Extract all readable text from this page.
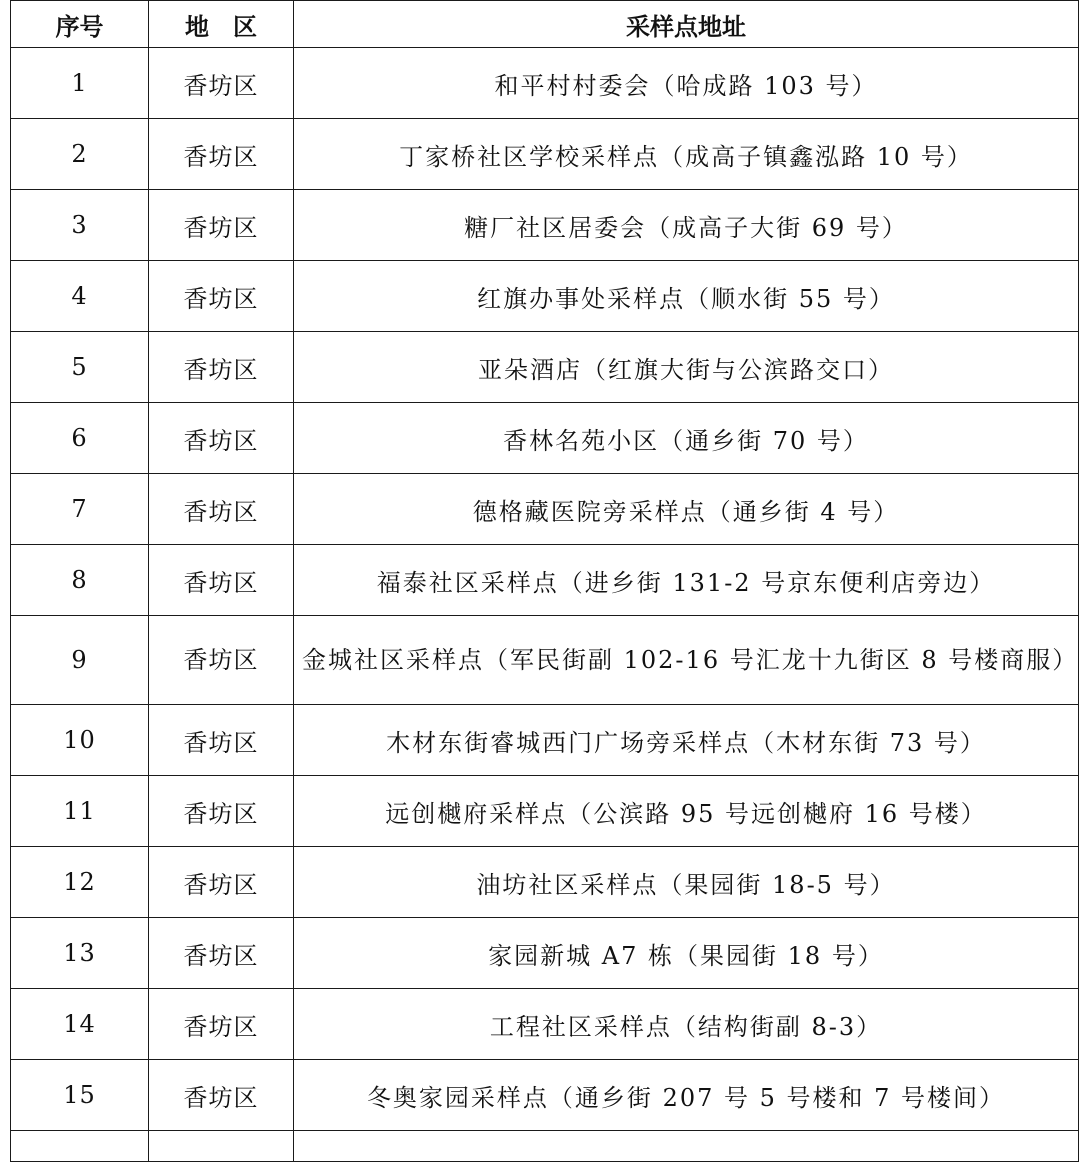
序号	地　区	采样点地址
1	香坊区	和平村村委会（哈成路 103 号）
2	香坊区	丁家桥社区学校采样点（成高子镇鑫泓路 10 号）
3	香坊区	糖厂社区居委会（成高子大街 69 号）
4	香坊区	红旗办事处采样点（顺水街 55 号）
5	香坊区	亚朵酒店（红旗大街与公滨路交口）
6	香坊区	香林名苑小区（通乡街 70 号）
7	香坊区	德格藏医院旁采样点（通乡街 4 号）
8	香坊区	福泰社区采样点（进乡街 131-2 号京东便利店旁边）
9	香坊区	金城社区采样点（军民街副 102-16 号汇龙十九街区 8 号楼商服）
10	香坊区	木材东街睿城西门广场旁采样点（木材东街 73 号）
11	香坊区	远创樾府采样点（公滨路 95 号远创樾府 16 号楼）
12	香坊区	油坊社区采样点（果园街 18-5 号）
13	香坊区	家园新城 A7 栋（果园街 18 号）
14	香坊区	工程社区采样点（结构街副 8-3）
15	香坊区	冬奥家园采样点（通乡街 207 号 5 号楼和 7 号楼间）
